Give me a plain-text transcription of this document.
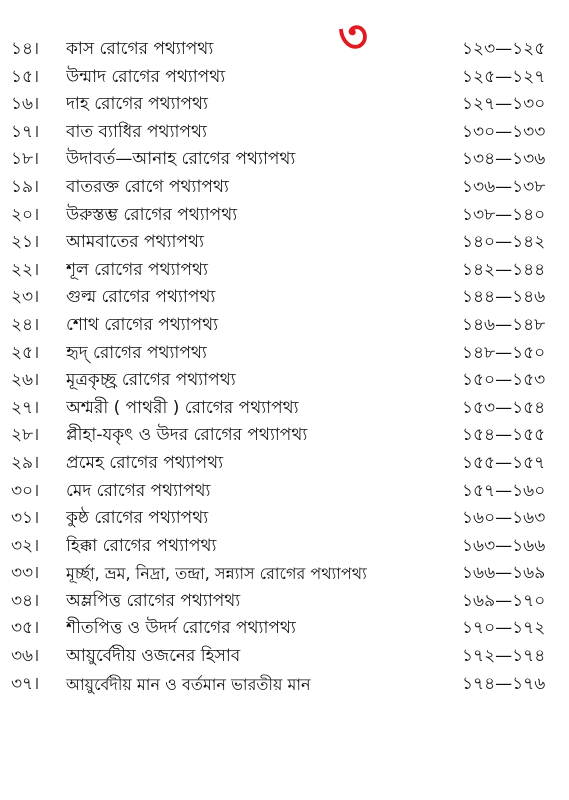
৩
১৪।	কাস রোগের পথ্যাপথ্য	১২৩—১২৫
১৫।	উন্মাদ রোগের পথ্যাপথ্য	১২৫—১২৭
১৬।	দাহ রোগের পথ্যাপথ্য	১২৭—১৩০
১৭।	বাত ব্যাধির পথ্যাপথ্য	১৩০—১৩৩
১৮।	উদাবর্ত—আনাহ রোগের পথ্যাপথ্য	১৩৪—১৩৬
১৯।	বাতরক্ত রোগে পথ্যাপথ্য	১৩৬—১৩৮
২০।	উরুস্তম্ভ রোগের পথ্যাপথ্য	১৩৮—১৪০
২১।	আমবাতের পথ্যাপথ্য	১৪০—১৪২
২২।	শূল রোগের পথ্যাপথ্য	১৪২—১৪৪
২৩।	গুল্ম রোগের পথ্যাপথ্য	১৪৪—১৪৬
২৪।	শোথ রোগের পথ্যাপথ্য	১৪৬—১৪৮
২৫।	হৃদ্ রোগের পথ্যাপথ্য	১৪৮—১৫০
২৬।	মূত্রকৃচ্ছ্র রোগের পথ্যাপথ্য	১৫০—১৫৩
২৭।	অশ্মরী ( পাথরী ) রোগের পথ্যাপথ্য	১৫৩—১৫৪
২৮।	প্লীহা-যকৃৎ ও উদর রোগের পথ্যাপথ্য	১৫৪—১৫৫
২৯।	প্রমেহ রোগের পথ্যাপথ্য	১৫৫—১৫৭
৩০।	মেদ রোগের পথ্যাপথ্য	১৫৭—১৬০
৩১।	কুষ্ঠ রোগের পথ্যাপথ্য	১৬০—১৬৩
৩২।	হিক্কা রোগের পথ্যাপথ্য	১৬৩—১৬৬
৩৩।	মূর্চ্ছা, ভ্রম, নিদ্রা, তন্দ্রা, সন্ন্যাস রোগের পথ্যাপথ্য	১৬৬—১৬৯
৩৪।	অম্লপিত্ত রোগের পথ্যাপথ্য	১৬৯—১৭০
৩৫।	শীতপিত্ত ও উদর্দ রোগের পথ্যাপথ্য	১৭০—১৭২
৩৬।	আয়ুর্বেদীয় ওজনের হিসাব	১৭২—১৭৪
৩৭।	আয়ুর্বেদীয় মান ও বর্তমান ভারতীয় মান	১৭৪—১৭৬
